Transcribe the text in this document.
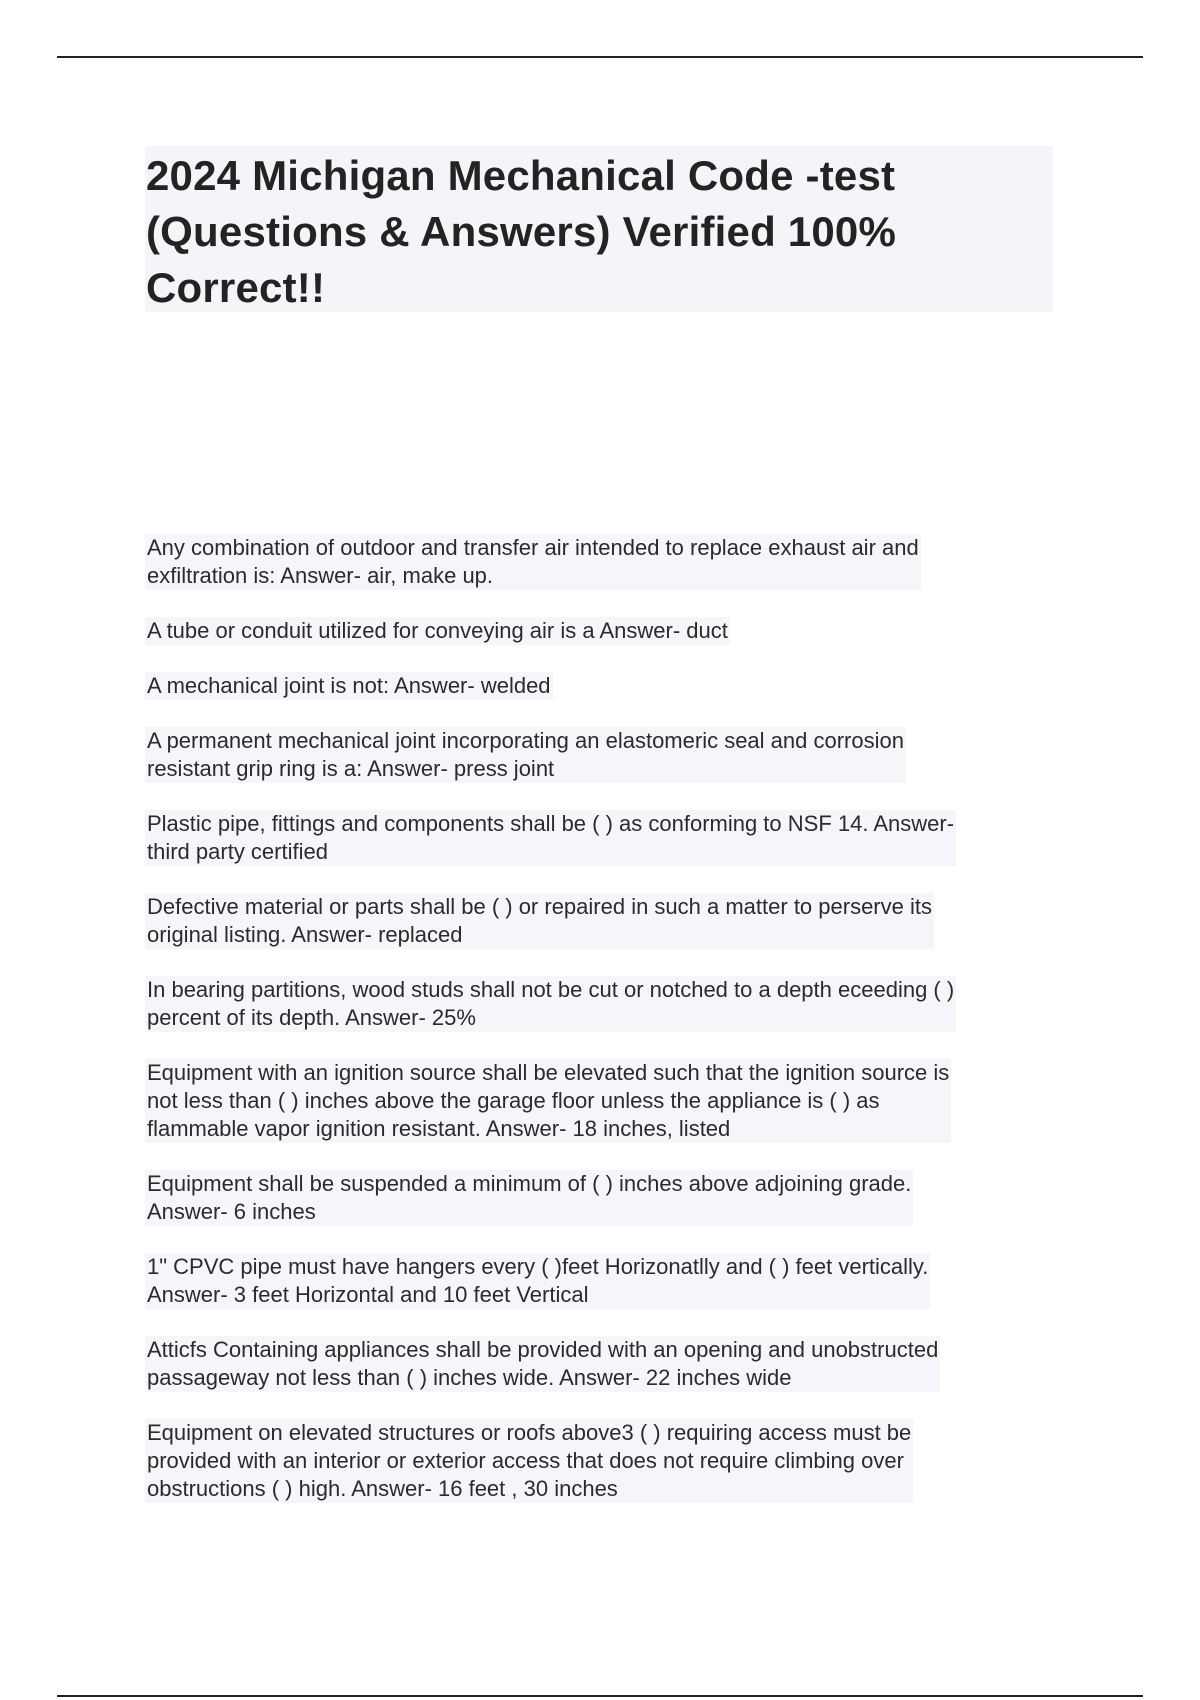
2024 Michigan Mechanical Code -test (Questions & Answers) Verified 100% Correct!!
Any combination of outdoor and transfer air intended to replace exhaust air and
exfiltration is: Answer- air, make up.
A tube or conduit utilized for conveying air is a Answer- duct
A mechanical joint is not: Answer- welded
A permanent mechanical joint incorporating an elastomeric seal and corrosion
resistant grip ring is a: Answer- press joint
Plastic pipe, fittings and components shall be ( ) as conforming to NSF 14. Answer-
third party certified
Defective material or parts shall be ( ) or repaired in such a matter to perserve its
original listing. Answer- replaced
In bearing partitions, wood studs shall not be cut or notched to a depth eceeding ( )
percent of its depth. Answer- 25%
Equipment with an ignition source shall be elevated such that the ignition source is
not less than ( ) inches above the garage floor unless the appliance is ( ) as
flammable vapor ignition resistant. Answer- 18 inches, listed
Equipment shall be suspended a minimum of ( ) inches above adjoining grade.
Answer- 6 inches
1" CPVC pipe must have hangers every ( )feet Horizonatlly and ( ) feet vertically.
Answer- 3 feet Horizontal and 10 feet Vertical
Atticfs Containing appliances shall be provided with an opening and unobstructed
passageway not less than ( ) inches wide. Answer- 22 inches wide
Equipment on elevated structures or roofs above3 ( ) requiring access must be
provided with an interior or exterior access that does not require climbing over
obstructions ( ) high. Answer- 16 feet , 30 inches
